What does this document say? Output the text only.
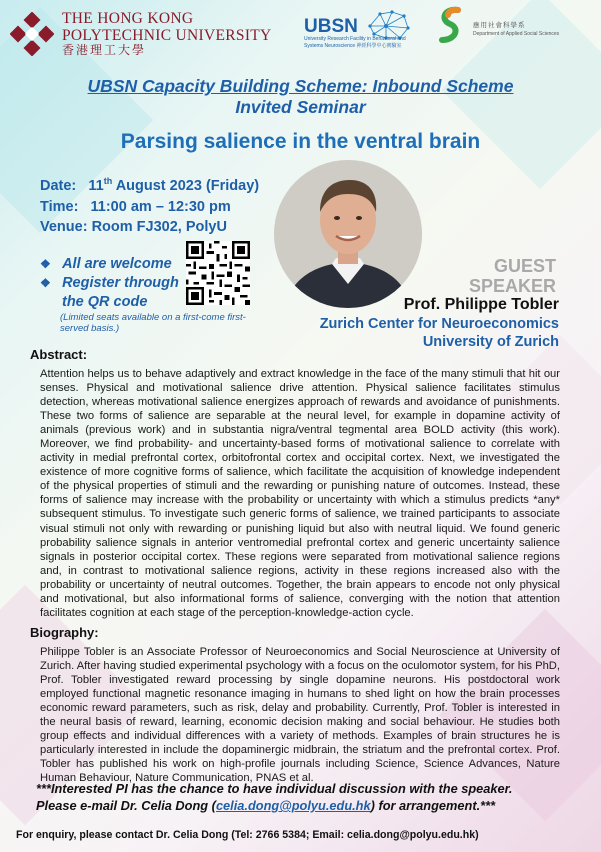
THE HONG KONG
POLYTECHNIC UNIVERSITY
香港理工大學
UBSN
University Research Facility in Behavioral and Systems Neuroscience 神經科學中心實驗室
應用社會科學系
Department of Applied Social Sciences
UBSN Capacity Building Scheme: Inbound Scheme
Invited Seminar
Parsing salience in the ventral brain
Date: 11th August 2023 (Friday)
Time: 11:00 am – 12:30 pm
Venue: Room FJ302, PolyU
❖ All are welcome
❖ Register through
the QR code
(Limited seats available on a first-come first-served basis.)
GUEST
SPEAKER
Prof. Philippe Tobler
Zurich Center for Neuroeconomics
University of Zurich
Abstract:
Attention helps us to behave adaptively and extract knowledge in the face of the many stimuli that hit our senses. Physical and motivational salience drive attention. Physical salience facilitates stimulus detection, whereas motivational salience energizes approach of rewards and avoidance of punishments. These two forms of salience are separable at the neural level, for example in dopamine activity of animals (previous work) and in substantia nigra/ventral tegmental area BOLD activity (this work). Moreover, we find probability- and uncertainty-based forms of motivational salience to correlate with activity in medial prefrontal cortex, orbitofrontal cortex and occipital cortex. Next, we investigated the existence of more cognitive forms of salience, which facilitate the acquisition of knowledge independent of the physical properties of stimuli and the rewarding or punishing nature of outcomes. Instead, these forms of salience may increase with the probability or uncertainty with which a stimulus predicts *any* subsequent stimulus. To investigate such generic forms of salience, we trained participants to associate visual stimuli not only with rewarding or punishing liquid but also with neutral liquid. We found generic probability salience signals in anterior ventromedial prefrontal cortex and generic uncertainty salience signals in posterior occipital cortex. These regions were separated from motivational salience regions and, in contrast to motivational salience regions, activity in these regions increased also with the probability or uncertainty of neutral outcomes. Together, the brain appears to encode not only physical and motivational, but also informational forms of salience, converging with the notion that attention facilitates cognition at each stage of the perception-knowledge-action cycle.
Biography:
Philippe Tobler is an Associate Professor of Neuroeconomics and Social Neuroscience at University of Zurich. After having studied experimental psychology with a focus on the oculomotor system, for his PhD, Prof. Tobler investigated reward processing by single dopamine neurons. His postdoctoral work employed functional magnetic resonance imaging in humans to shed light on how the brain processes economic reward parameters, such as risk, delay and probability. Currently, Prof. Tobler is interested in the neural basis of reward, learning, economic decision making and social behaviour. He studies both group effects and individual differences with a variety of methods. Examples of brain structures he is particularly interested in include the dopaminergic midbrain, the striatum and the prefrontal cortex. Prof. Tobler has published his work on high-profile journals including Science, Science Advances, Nature Human Behaviour, Nature Communication, PNAS et al.
***Interested PI has the chance to have individual discussion with the speaker.
Please e-mail Dr. Celia Dong (celia.dong@polyu.edu.hk) for arrangement.***
For enquiry, please contact Dr. Celia Dong (Tel: 2766 5384; Email: celia.dong@polyu.edu.hk)
